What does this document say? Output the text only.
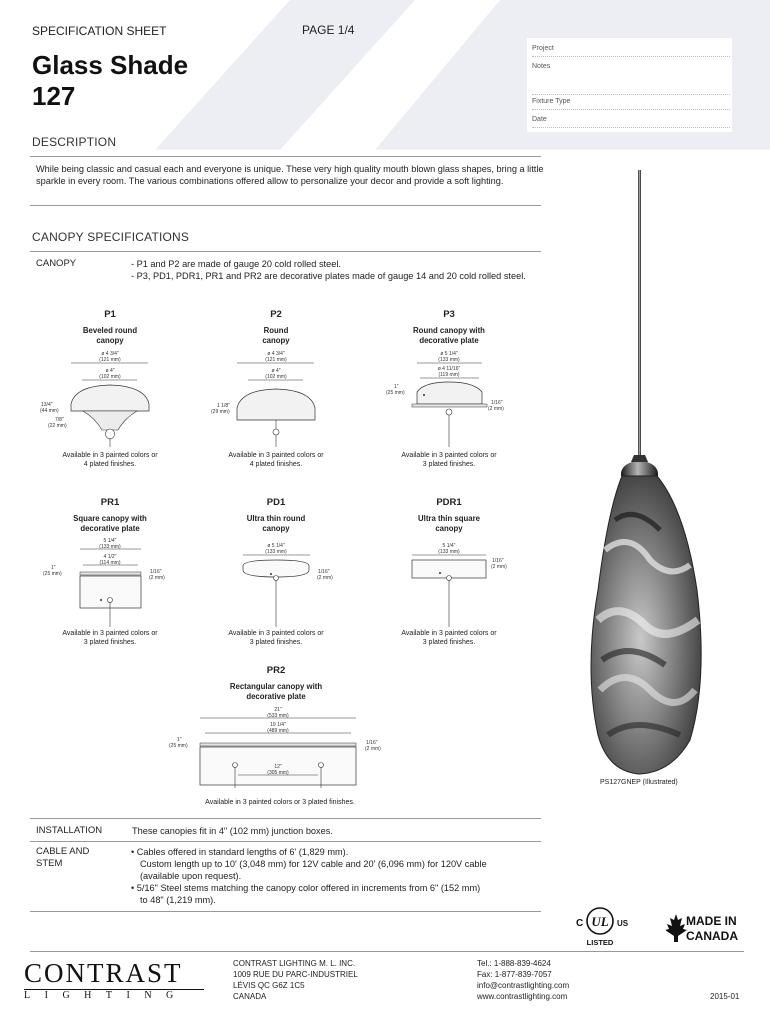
SPECIFICATION SHEET	PAGE 1/4
Glass Shade
127
Project
Notes
Fixture Type
Date
DESCRIPTION
While being classic and casual each and everyone is unique. These very high quality mouth blown glass shapes, bring a little sparkle in every room. The various combinations offered allow to personalize your decor and provide a soft lighting.
CANOPY SPECIFICATIONS
CANOPY	- P1 and P2 are made of gauge 20 cold rolled steel.
- P3, PD1, PDR1, PR1 and PR2 are decorative plates made of gauge 14 and 20 cold rolled steel.
P1
Beveled round canopy
P2
Round canopy
P3
Round canopy with decorative plate
ø 4 3/4"
(121 mm)
ø 4"
(102 mm)
13/4"
(44 mm)
7/8"
(22 mm)
ø 4 3/4"
(121 mm)
ø 4"
(102 mm)
1 1/8"
(29 mm)
ø 5 1/4"
(133 mm)
ø 4 11/16"
(119 mm)
1"
(25 mm)
1/16"
(2 mm)
Available in 3 painted colors or 4 plated finishes.
Available in 3 painted colors or 4 plated finishes.
Available in 3 painted colors or 3 plated finishes.
PR1
Square canopy with decorative plate
PD1
Ultra thin round canopy
PDR1
Ultra thin square canopy
5 1/4"
(133 mm)
4 1/2"
(114 mm)
1"
(25 mm)	1/16"
(2 mm)
ø 5 1/4"
(133 mm)
1/16"
(2 mm)
5 1/4"
(133 mm)
1/16"
(2 mm)
Available in 3 painted colors or 3 plated finishes.
Available in 3 painted colors or 3 plated finishes.
Available in 3 painted colors or 3 plated finishes.
PR2
Rectangular canopy with decorative plate
21"
(533 mm)
19 1/4"
(489 mm)
12"
(305 mm)
1"
(25 mm)	1/16"
(2 mm)
Available in 3 painted colors or 3 plated finishes.
INSTALLATION	These canopies fit in 4" (102 mm) junction boxes.
CABLE AND
STEM
• Cables offered in standard lengths of 6' (1,829 mm).
Custom length up to 10' (3,048 mm) for 12V cable and 20' (6,096 mm) for 120V cable
(available upon request).
• 5/16" Steel stems matching the canopy color offered in increments from 6" (152 mm)
to 48" (1,219 mm).
PS127GNEP (Illustrated)
UL
C	US
LISTED
MADE IN
CANADA
CONTRAST
LIGHTING
CONTRAST LIGHTING M. L. INC.
1009 RUE DU PARC-INDUSTRIEL
LÉVIS QC G6Z 1C5
CANADA
Tel.: 1-888-839-4624
Fax: 1-877-839-7057
info@contrastlighting.com
www.contrastlighting.com	2015-01
